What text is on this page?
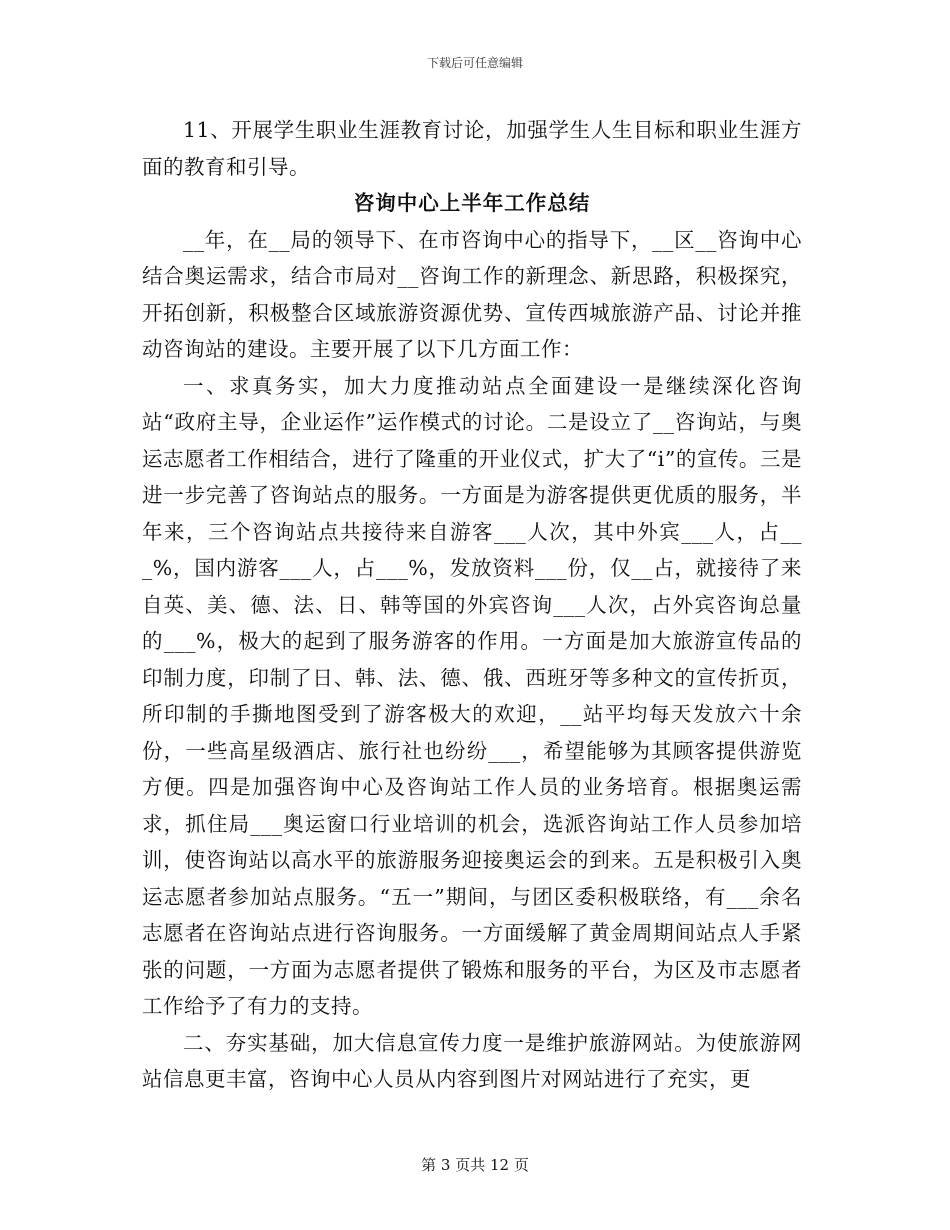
下载后可任意编辑

11、开展学生职业生涯教育讨论，加强学生人生目标和职业生涯方面的教育和引导。

咨询中心上半年工作总结

__年，在__局的领导下、在市咨询中心的指导下，__区__咨询中心结合奥运需求，结合市局对__咨询工作的新理念、新思路，积极探究，开拓创新，积极整合区域旅游资源优势、宣传西城旅游产品、讨论并推动咨询站的建设。主要开展了以下几方面工作：

一、求真务实，加大力度推动站点全面建设一是继续深化咨询站“政府主导，企业运作”运作模式的讨论。二是设立了__咨询站，与奥运志愿者工作相结合，进行了隆重的开业仪式，扩大了“i”的宣传。三是进一步完善了咨询站点的服务。一方面是为游客提供更优质的服务，半年来，三个咨询站点共接待来自游客___人次，其中外宾___人，占___%，国内游客___人，占___%，发放资料___份，仅__占，就接待了来自英、美、德、法、日、韩等国的外宾咨询___人次，占外宾咨询总量的___%，极大的起到了服务游客的作用。一方面是加大旅游宣传品的印制力度，印制了日、韩、法、德、俄、西班牙等多种文的宣传折页，所印制的手撕地图受到了游客极大的欢迎，__站平均每天发放六十余份，一些高星级酒店、旅行社也纷纷___，希望能够为其顾客提供游览方便。四是加强咨询中心及咨询站工作人员的业务培育。根据奥运需求，抓住局___奥运窗口行业培训的机会，选派咨询站工作人员参加培训，使咨询站以高水平的旅游服务迎接奥运会的到来。五是积极引入奥运志愿者参加站点服务。“五一”期间，与团区委积极联络，有___余名志愿者在咨询站点进行咨询服务。一方面缓解了黄金周期间站点人手紧张的问题，一方面为志愿者提供了锻炼和服务的平台，为区及市志愿者工作给予了有力的支持。

二、夯实基础，加大信息宣传力度一是维护旅游网站。为使旅游网站信息更丰富，咨询中心人员从内容到图片对网站进行了充实，更

第 3 页共 12 页
